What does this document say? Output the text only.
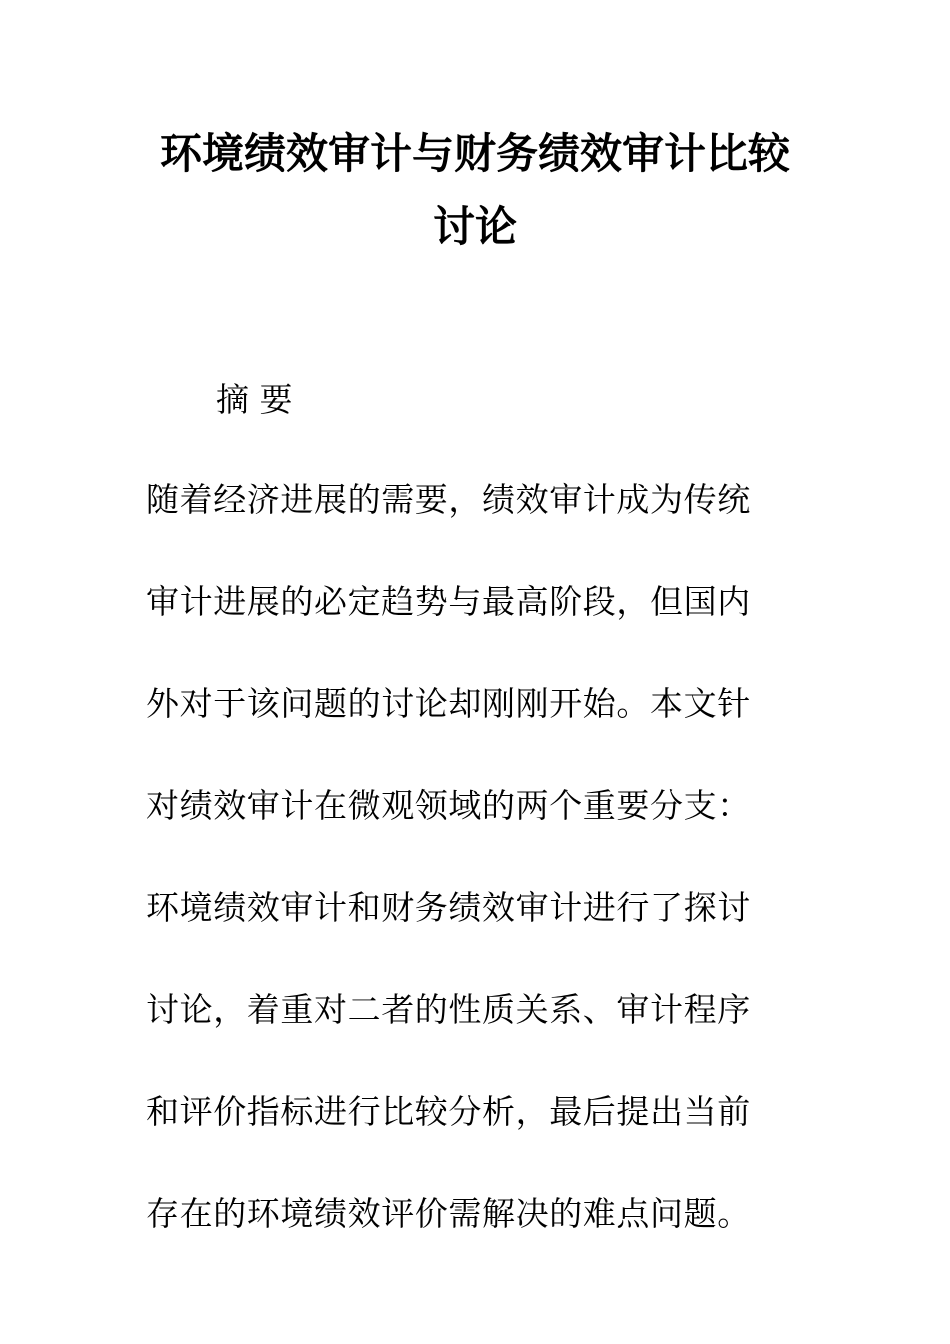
环境绩效审计与财务绩效审计比较
讨论
摘 要
随着经济进展的需要，绩效审计成为传统
审计进展的必定趋势与最高阶段，但国内
外对于该问题的讨论却刚刚开始。本文针
对绩效审计在微观领域的两个重要分支：
环境绩效审计和财务绩效审计进行了探讨
讨论，着重对二者的性质关系、审计程序
和评价指标进行比较分析，最后提出当前
存在的环境绩效评价需解决的难点问题。
